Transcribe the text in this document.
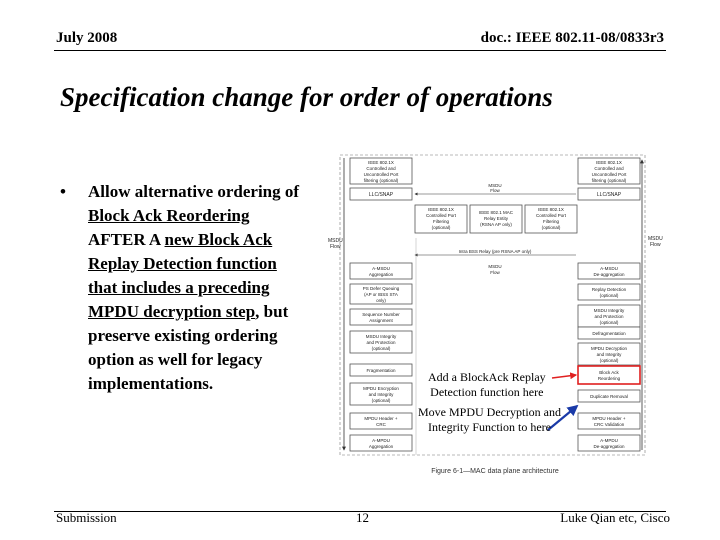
July 2008	doc.: IEEE 802.11-08/0833r3
Specification change for order of operations
• Allow alternative ordering of Block Ack Reordering AFTER A new Block Ack Replay Detection function that includes a preceding MPDU decryption step, but preserve existing ordering option as well for legacy implementations.
MSDU
Flow
MSDU
Flow
IEEE 802.1X
Controlled and
Uncontrolled Port
filtering (optional)
IEEE 802.1X
Controlled and
Uncontrolled Port
filtering (optional)
LLC/SNAP	LLC/SNAP
MSDU
Flow
IEEE 802.1X
Controlled Port
Filtering
(optional)
IEEE 802.1 MAC
Relay Entity
(RSNA AP only)
IEEE 802.1X
Controlled Port
Filtering
(optional)
Intra BSS Relay (pre RSNA AP only)
MSDU
Flow
A-MSDU
Aggregation
PS Defer Queuing
(AP or IBSS STA
only)
Sequence Number
Assignment
MSDU Integrity
and Protection
(optional)
Fragmentation
MPDU Encryption
and Integrity
(optional)
MPDU Header +
CRC
A-MPDU
Aggregation
A-MSDU
De-aggregation
Replay Detection
(optional)
MSDU Integrity
and Protection
(optional)
Defragmentation
MPDU Decryption
and Integrity
(optional)
Block Ack
Reordering
Duplicate Removal
MPDU Header +
CRC Validation
A-MPDU
De-aggregation
Figure 6-1—MAC data plane architecture
Add a BlockAck Replay
Detection function here
Move MPDU Decryption and
Integrity Function to here
Submission	12	Luke Qian etc, Cisco
